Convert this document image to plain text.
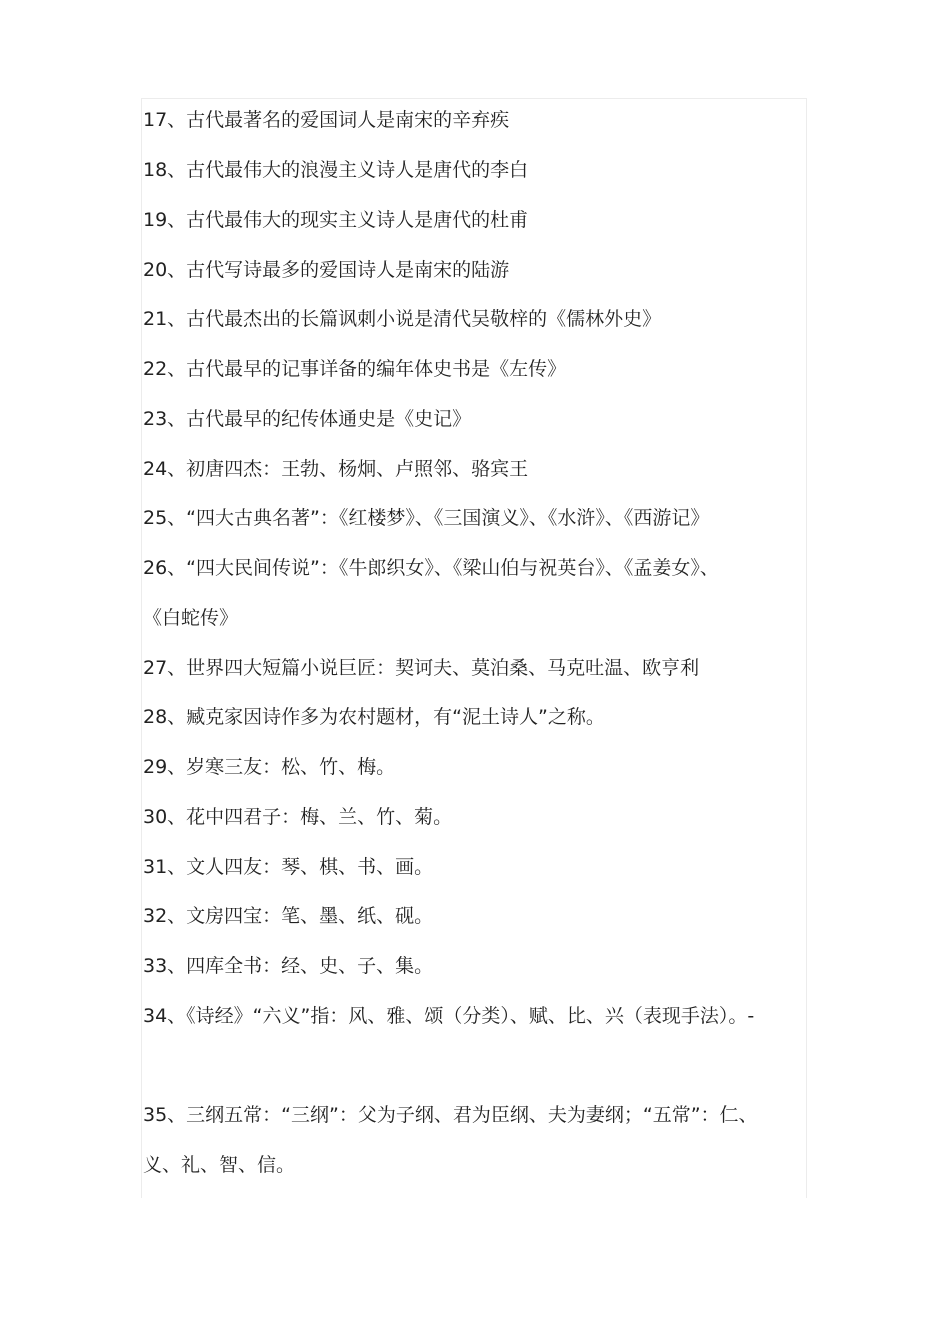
17、古代最著名的爱国词人是南宋的辛弃疾
18、古代最伟大的浪漫主义诗人是唐代的李白
19、古代最伟大的现实主义诗人是唐代的杜甫
20、古代写诗最多的爱国诗人是南宋的陆游
21、古代最杰出的长篇讽刺小说是清代吴敬梓的《儒林外史》
22、古代最早的记事详备的编年体史书是《左传》
23、古代最早的纪传体通史是《史记》
24、初唐四杰：王勃、杨炯、卢照邻、骆宾王
25、“四大古典名著”：《红楼梦》、《三国演义》、《水浒》、《西游记》
26、“四大民间传说”：《牛郎织女》、《梁山伯与祝英台》、《孟姜女》、
《白蛇传》
27、世界四大短篇小说巨匠：契诃夫、莫泊桑、马克吐温、欧亨利
28、臧克家因诗作多为农村题材，有“泥土诗人”之称。
29、岁寒三友：松、竹、梅。
30、花中四君子：梅、兰、竹、菊。
31、文人四友：琴、棋、书、画。
32、文房四宝：笔、墨、纸、砚。
33、四库全书：经、史、子、集。
34、《诗经》“六义”指：风、雅、颂（分类）、赋、比、兴（表现手法）。-
35、三纲五常：“三纲”：父为子纲、君为臣纲、夫为妻纲；“五常”：仁、
义、礼、智、信。
